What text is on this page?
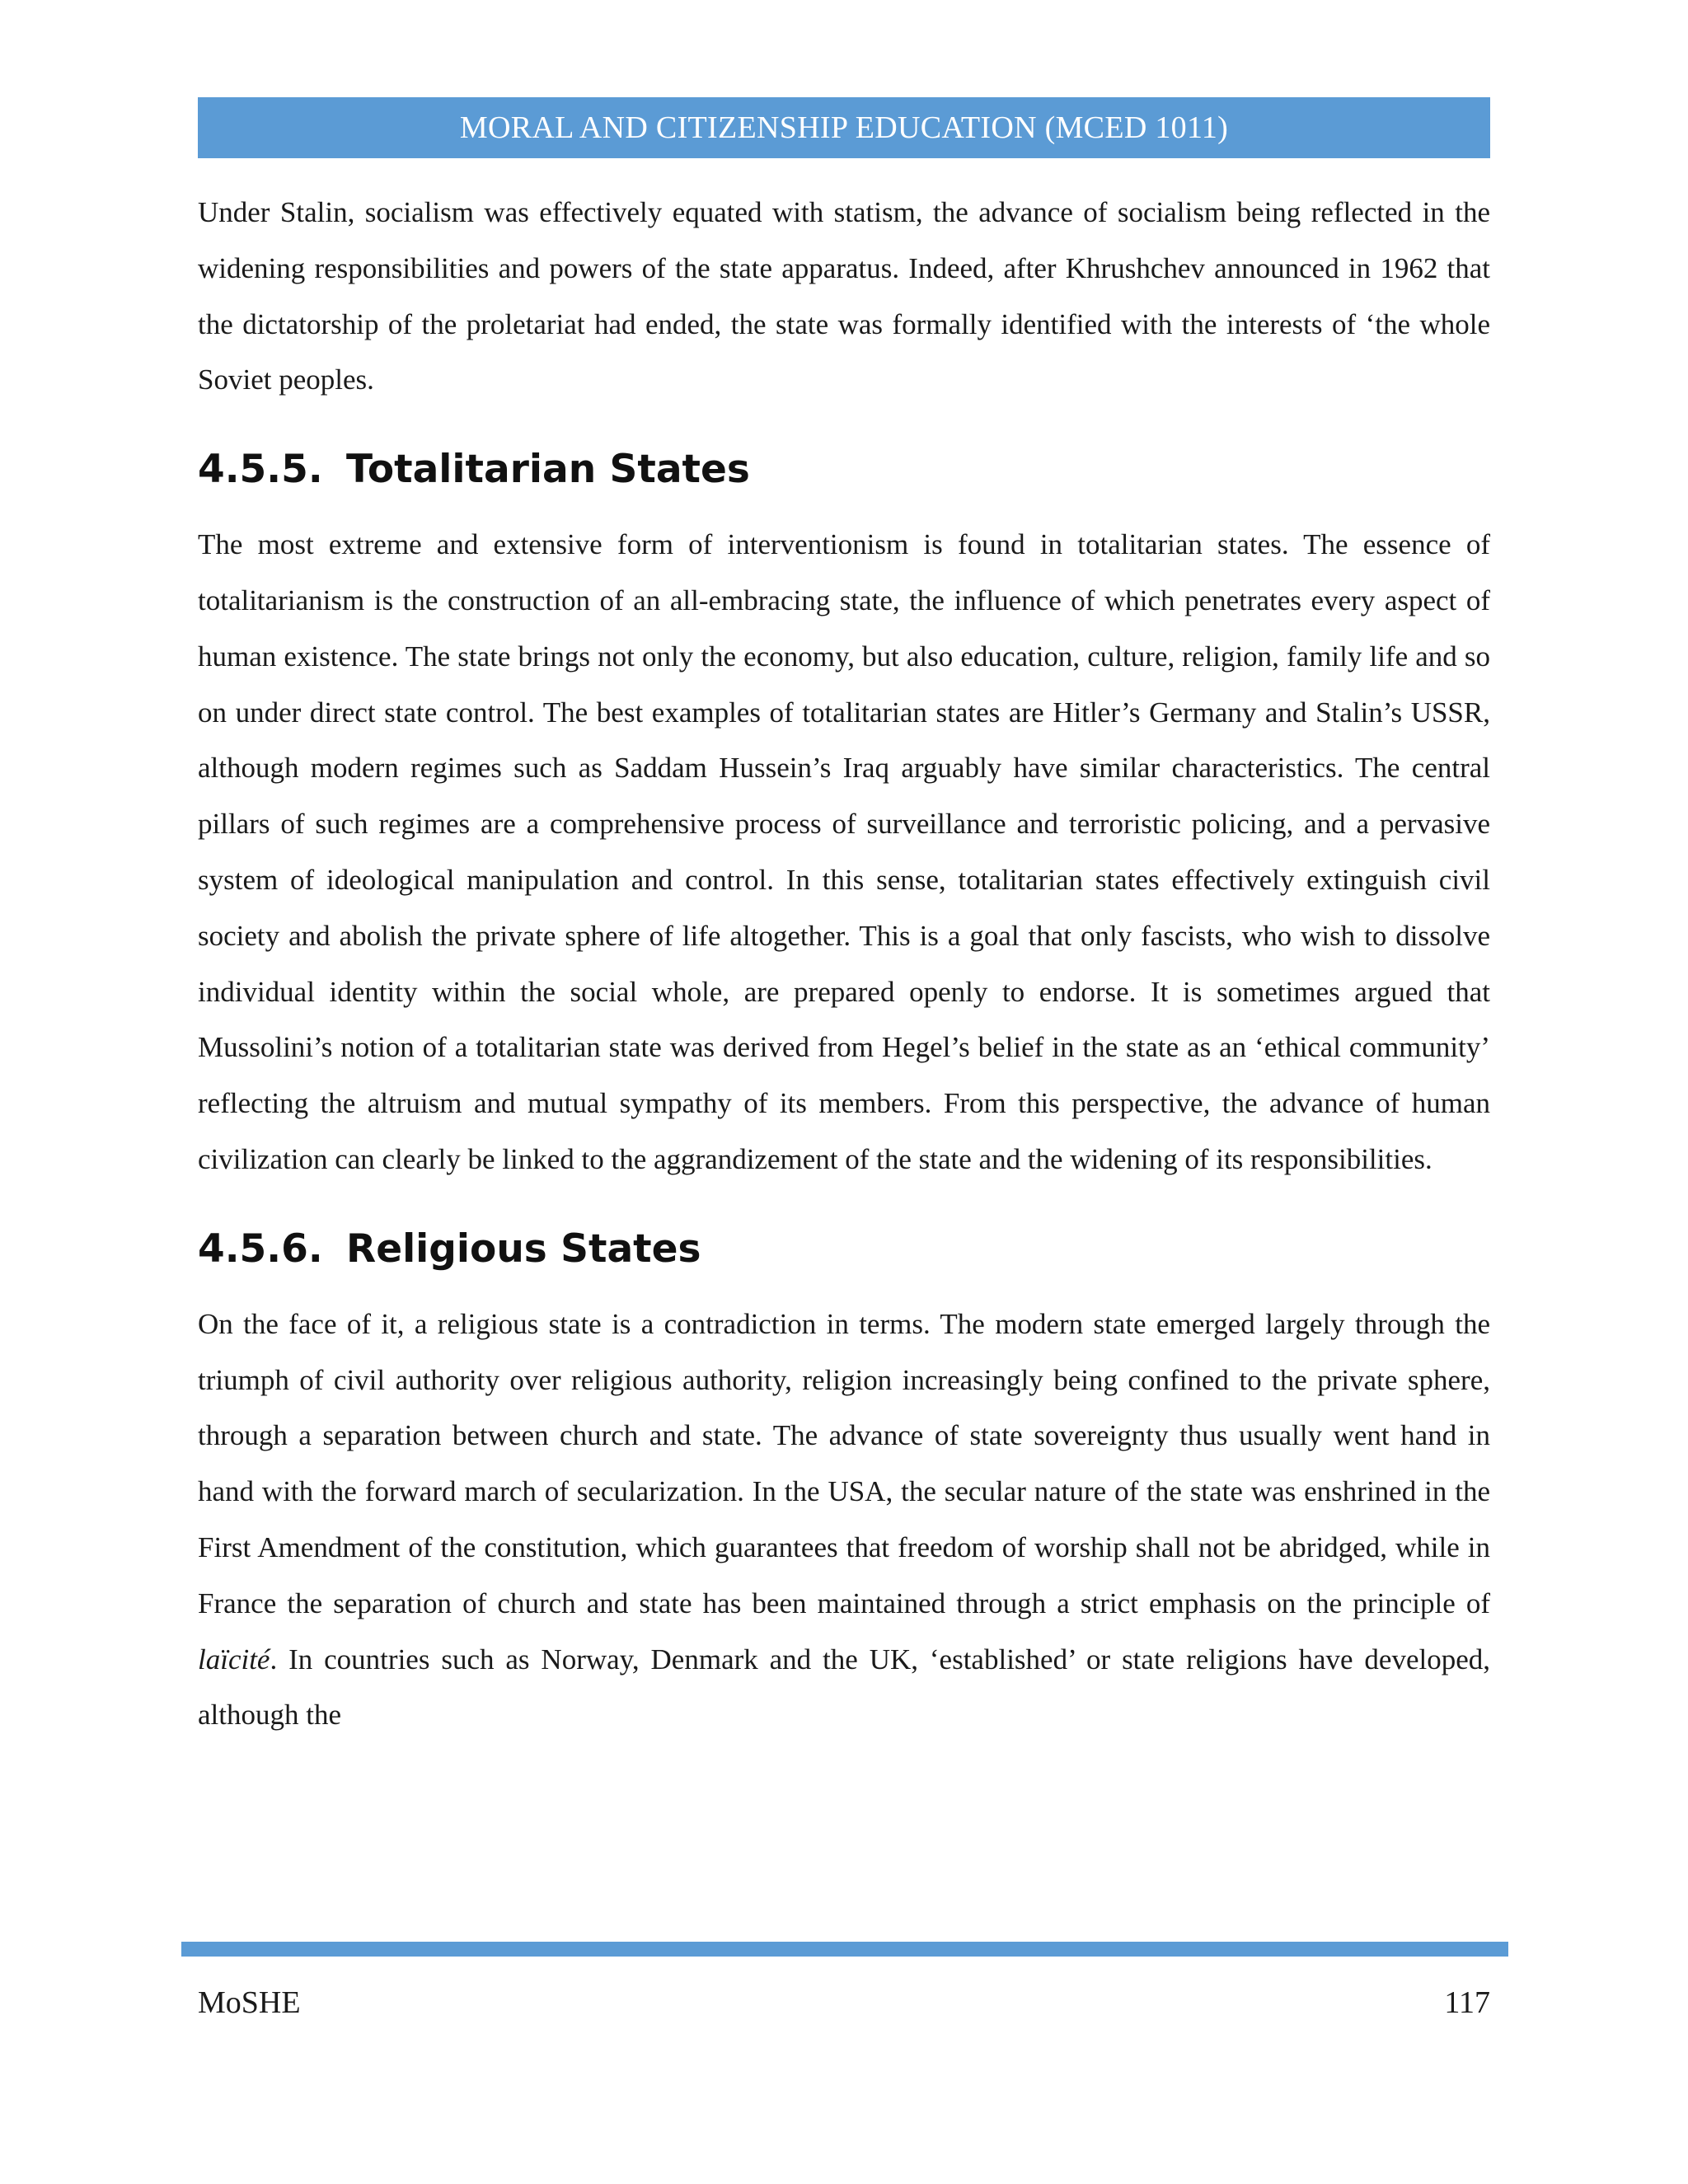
MORAL AND CITIZENSHIP EDUCATION (MCED 1011)

Under Stalin, socialism was effectively equated with statism, the advance of socialism being reflected in the widening responsibilities and powers of the state apparatus. Indeed, after Khrushchev announced in 1962 that the dictatorship of the proletariat had ended, the state was formally identified with the interests of ‘the whole Soviet peoples.

4.5.5. Totalitarian States

The most extreme and extensive form of interventionism is found in totalitarian states. The essence of totalitarianism is the construction of an all-embracing state, the influence of which penetrates every aspect of human existence. The state brings not only the economy, but also education, culture, religion, family life and so on under direct state control. The best examples of totalitarian states are Hitler’s Germany and Stalin’s USSR, although modern regimes such as Saddam Hussein’s Iraq arguably have similar characteristics. The central pillars of such regimes are a comprehensive process of surveillance and terroristic policing, and a pervasive system of ideological manipulation and control. In this sense, totalitarian states effectively extinguish civil society and abolish the private sphere of life altogether. This is a goal that only fascists, who wish to dissolve individual identity within the social whole, are prepared openly to endorse. It is sometimes argued that Mussolini’s notion of a totalitarian state was derived from Hegel’s belief in the state as an ‘ethical community’ reflecting the altruism and mutual sympathy of its members. From this perspective, the advance of human civilization can clearly be linked to the aggrandizement of the state and the widening of its responsibilities.

4.5.6. Religious States

On the face of it, a religious state is a contradiction in terms. The modern state emerged largely through the triumph of civil authority over religious authority, religion increasingly being confined to the private sphere, through a separation between church and state. The advance of state sovereignty thus usually went hand in hand with the forward march of secularization. In the USA, the secular nature of the state was enshrined in the First Amendment of the constitution, which guarantees that freedom of worship shall not be abridged, while in France the separation of church and state has been maintained through a strict emphasis on the principle of laïcité. In countries such as Norway, Denmark and the UK, ‘established’ or state religions have developed, although the

MoSHE	117
